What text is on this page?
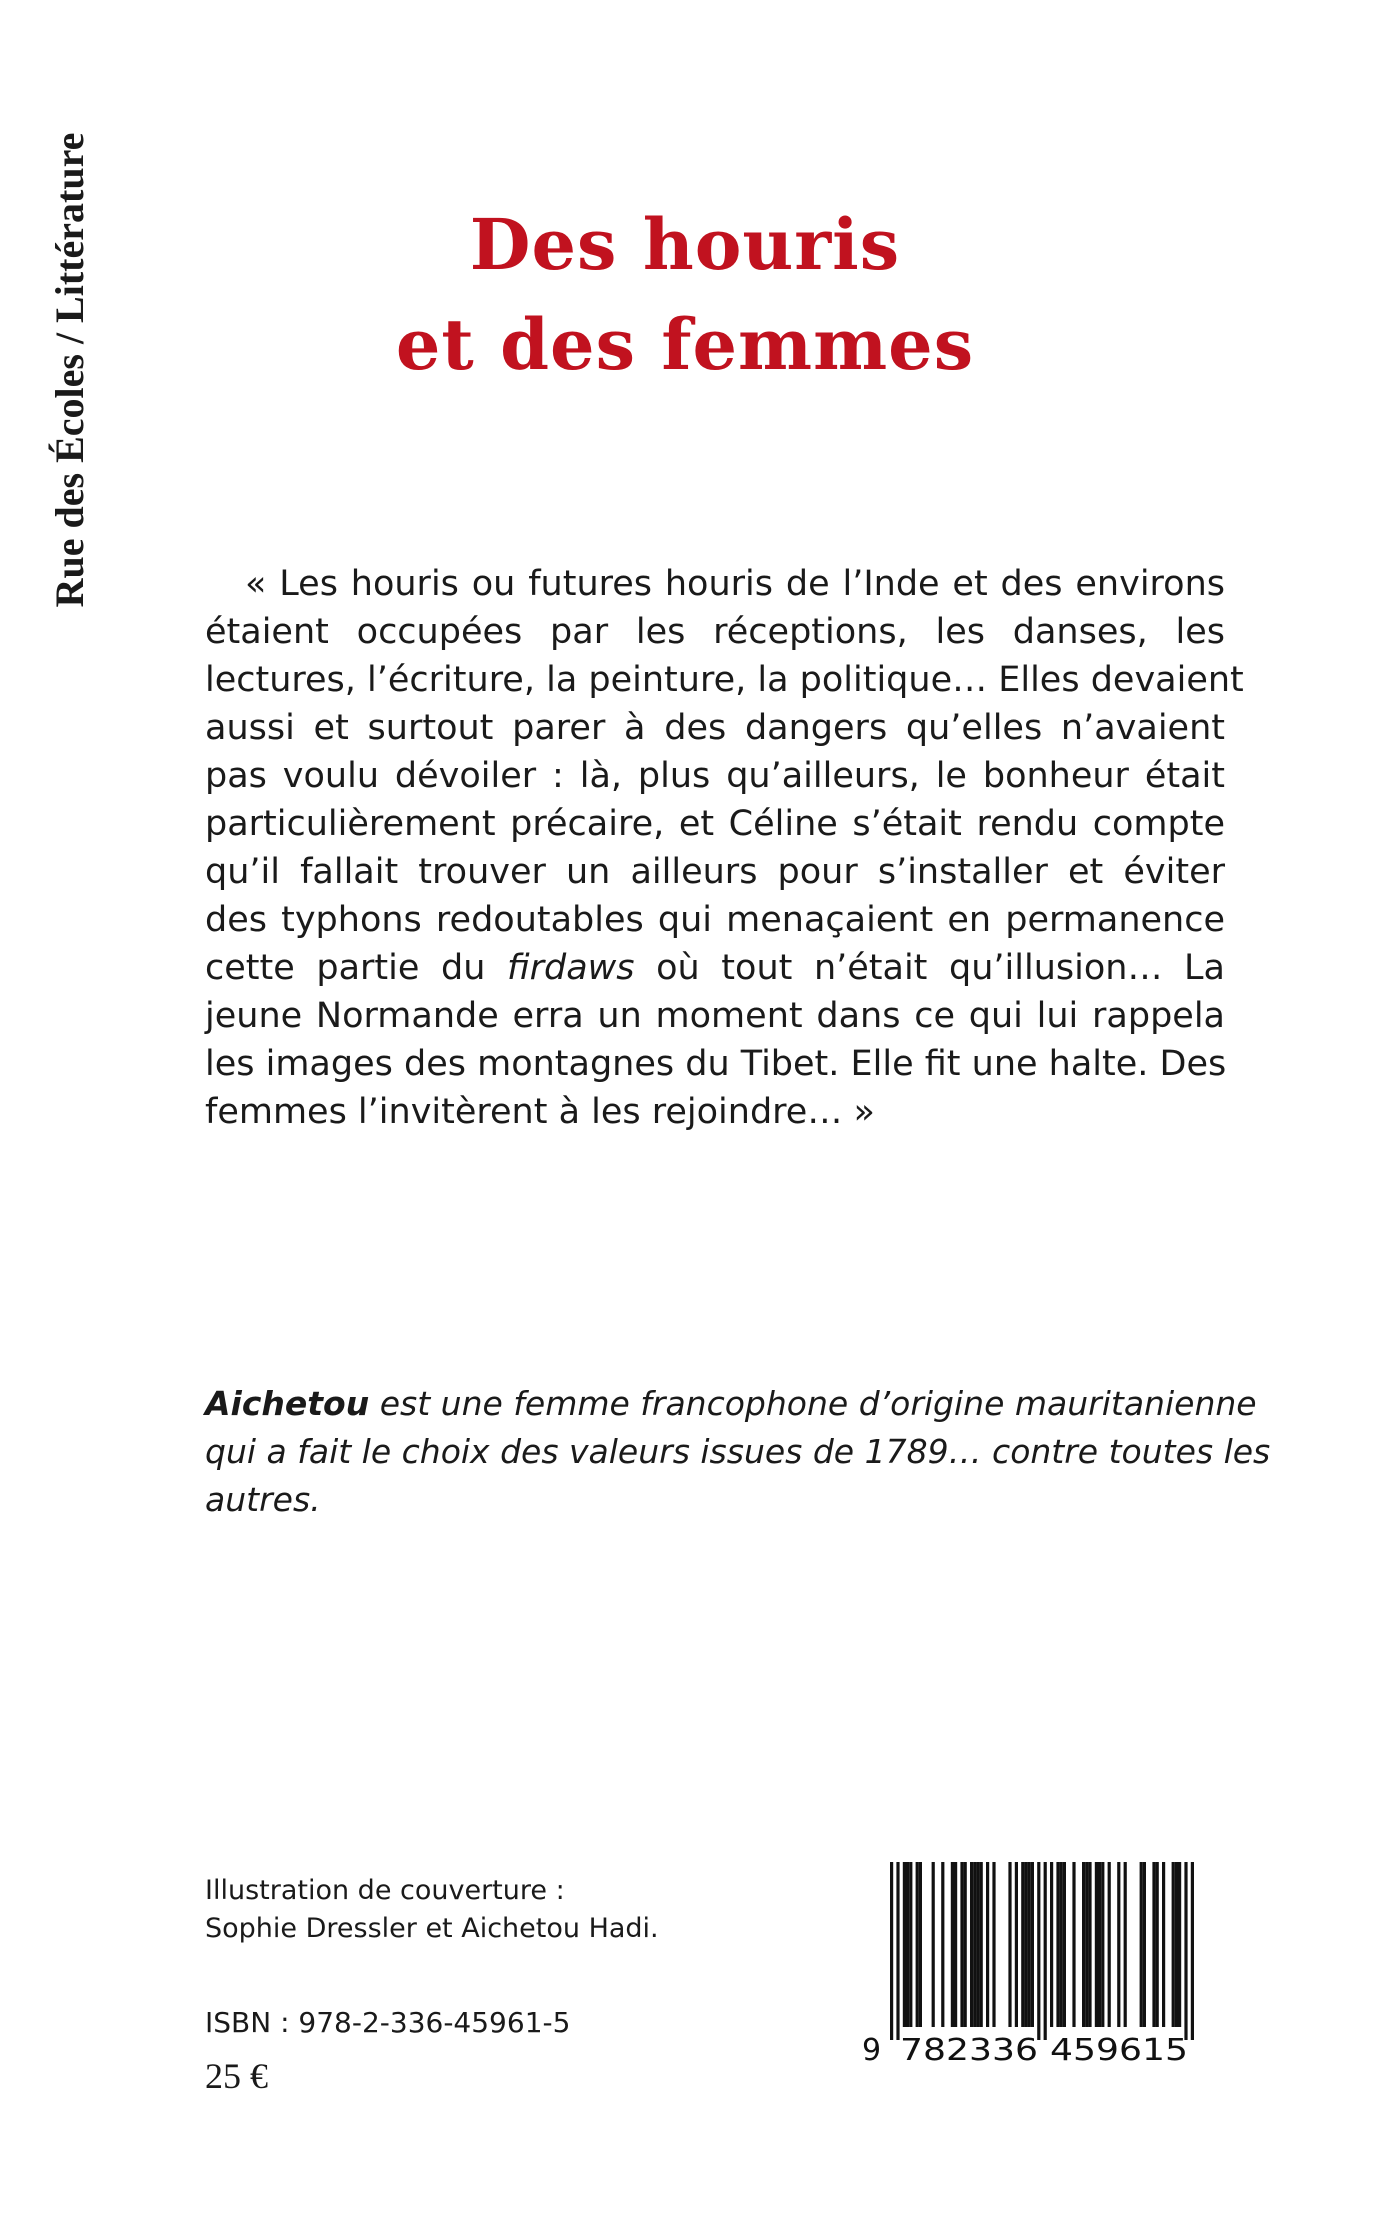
Rue des Écoles / Littérature	Des houris
et des femmes
« Les houris ou futures houris de l’Inde et des environs
étaient occupées par les réceptions, les danses, les
lectures, l’écriture, la peinture, la politique… Elles devaient
aussi et surtout parer à des dangers qu’elles n’avaient
pas voulu dévoiler : là, plus qu’ailleurs, le bonheur était
particulièrement précaire, et Céline s’était rendu compte
qu’il fallait trouver un ailleurs pour s’installer et éviter
des typhons redoutables qui menaçaient en permanence
cette partie du firdaws où tout n’était qu’illusion… La
jeune Normande erra un moment dans ce qui lui rappela
les images des montagnes du Tibet. Elle fit une halte. Des
femmes l’invitèrent à les rejoindre… »
Aichetou est une femme francophone d’origine mauritanienne
qui a fait le choix des valeurs issues de 1789… contre toutes les
autres.
Illustration de couverture :
Sophie Dressler et Aichetou Hadi.
ISBN : 978-2-336-45961-5
25 €
9 782336 459615
